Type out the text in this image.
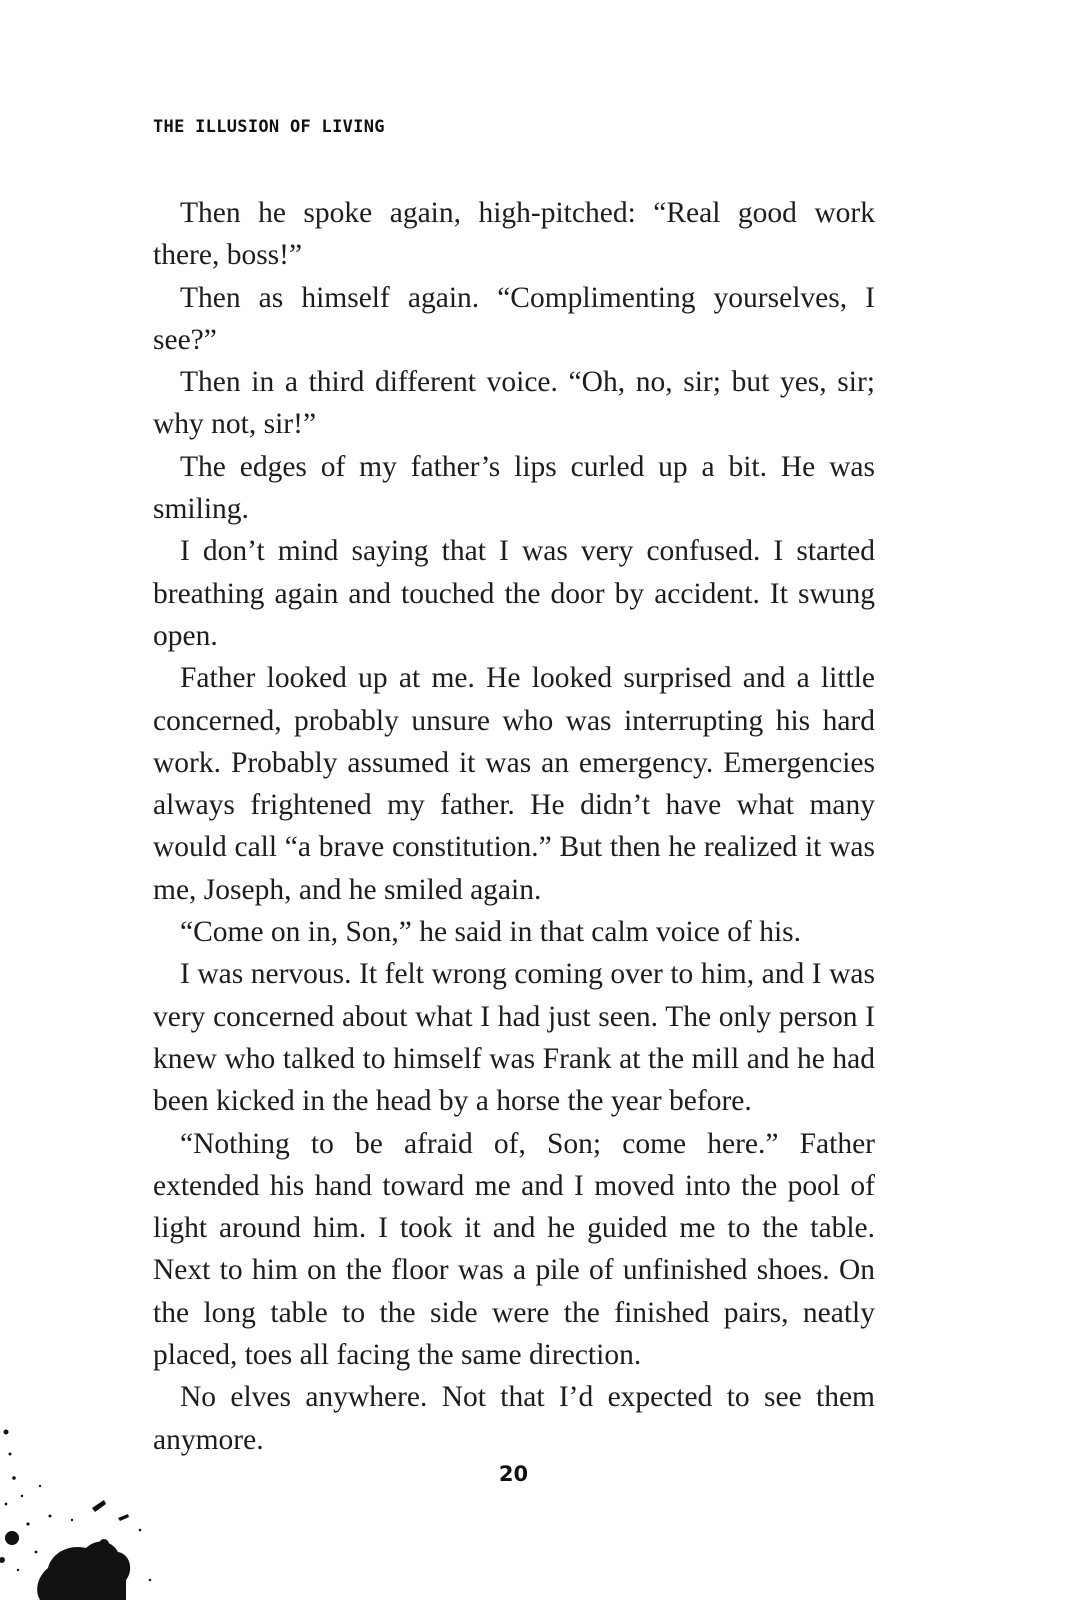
THE ILLUSION OF LIVING

Then he spoke again, high-pitched: “Real good work there, boss!”

Then as himself again. “Complimenting yourselves, I see?”

Then in a third different voice. “Oh, no, sir; but yes, sir; why not, sir!”

The edges of my father’s lips curled up a bit. He was smiling.

I don’t mind saying that I was very confused. I started breathing again and touched the door by accident. It swung open.

Father looked up at me. He looked surprised and a little concerned, probably unsure who was interrupting his hard work. Probably assumed it was an emergency. Emergencies always frightened my father. He didn’t have what many would call “a brave constitution.” But then he realized it was me, Joseph, and he smiled again.

“Come on in, Son,” he said in that calm voice of his.

I was nervous. It felt wrong coming over to him, and I was very concerned about what I had just seen. The only person I knew who talked to himself was Frank at the mill and he had been kicked in the head by a horse the year before.

“Nothing to be afraid of, Son; come here.” Father extended his hand toward me and I moved into the pool of light around him. I took it and he guided me to the table. Next to him on the floor was a pile of unfinished shoes. On the long table to the side were the finished pairs, neatly placed, toes all facing the same direction.

No elves anywhere. Not that I’d expected to see them anymore.

20
